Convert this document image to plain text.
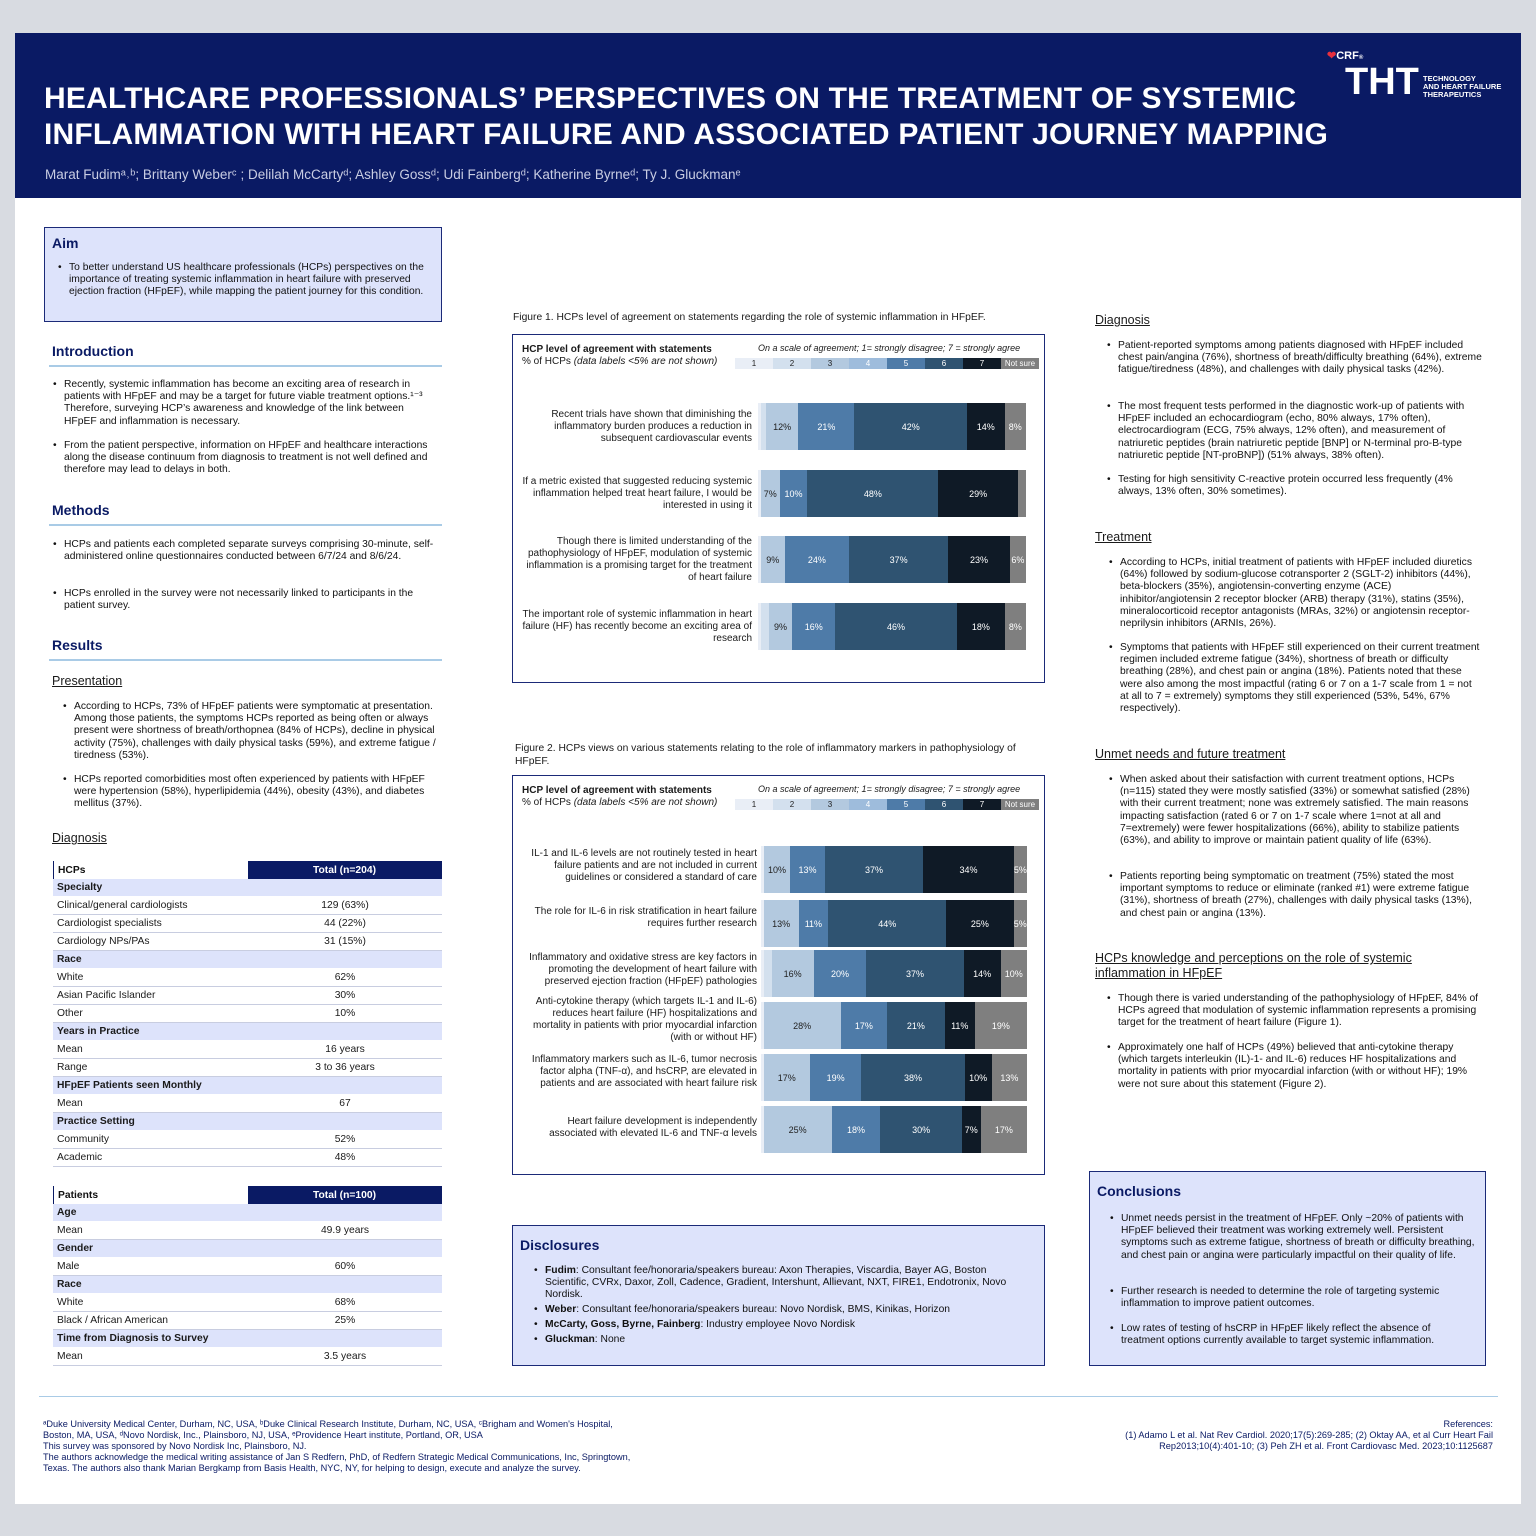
HEALTHCARE PROFESSIONALS’ PERSPECTIVES ON THE TREATMENT OF SYSTEMIC
INFLAMMATION WITH HEART FAILURE AND ASSOCIATED PATIENT JOURNEY MAPPING
Marat Fudimᵃ˒ᵇ; Brittany Weberᶜ ; Delilah McCartyᵈ; Ashley Gossᵈ; Udi Fainbergᵈ; Katherine Byrneᵈ; Ty J. Gluckmanᵉ
❤CRF®
THT TECHNOLOGY
AND HEART FAILURE
THERAPEUTICS
Aim
• To better understand US healthcare professionals (HCPs) perspectives on the importance of treating systemic inflammation in heart failure with preserved ejection fraction (HFpEF), while mapping the patient journey for this condition.
Introduction
• Recently, systemic inflammation has become an exciting area of research in patients with HFpEF and may be a target for future viable treatment options.¹⁻³ Therefore, surveying HCP’s awareness and knowledge of the link between HFpEF and inflammation is necessary.
• From the patient perspective, information on HFpEF and healthcare interactions along the disease continuum from diagnosis to treatment is not well defined and therefore may lead to delays in both.
Methods
• HCPs and patients each completed separate surveys comprising 30-minute, self-administered online questionnaires conducted between 6/7/24 and 8/6/24.
• HCPs enrolled in the survey were not necessarily linked to participants in the patient survey.
Results
Presentation
• According to HCPs, 73% of HFpEF patients were symptomatic at presentation. Among those patients, the symptoms HCPs reported as being often or always present were shortness of breath/orthopnea (84% of HCPs), decline in physical activity (75%), challenges with daily physical tasks (59%), and extreme fatigue / tiredness (53%).
• HCPs reported comorbidities most often experienced by patients with HFpEF were hypertension (58%), hyperlipidemia (44%), obesity (43%), and diabetes mellitus (37%).
Diagnosis
HCPs	Total (n=204)
Specialty
Clinical/general cardiologists	129 (63%)
Cardiologist specialists	44 (22%)
Cardiology NPs/PAs	31 (15%)
Race
White	62%
Asian Pacific Islander	30%
Other	10%
Years in Practice
Mean	16 years
Range	3 to 36 years
HFpEF Patients seen Monthly
Mean	67
Practice Setting
Community	52%
Academic	48%
Patients	Total (n=100)
Age
Mean	49.9 years
Gender
Male	60%
Race
White	68%
Black / African American	25%
Time from Diagnosis to Survey
Mean	3.5 years
Figure 1. HCPs level of agreement on statements regarding the role of systemic inflammation in HFpEF.
HCP level of agreement with statements
% of HCPs (data labels <5% are not shown)
On a scale of agreement; 1= strongly disagree; 7 = strongly agree
1	2	3	4	5	6	7	Not sure
Recent trials have shown that diminishing the inflammatory burden produces a reduction in subsequent cardiovascular events
12%	21%	42%	14%	8%
If a metric existed that suggested reducing systemic inflammation helped treat heart failure, I would be interested in using it
7% 10%	48%	29%
Though there is limited understanding of the pathophysiology of HFpEF, modulation of systemic inflammation is a promising target for the treatment of heart failure
9%	24%	37%	23%	6%
The important role of systemic inflammation in heart failure (HF) has recently become an exciting area of research
9%	16%	46%	18%	8%
Figure 2. HCPs views on various statements relating to the role of inflammatory markers in pathophysiology of HFpEF.
HCP level of agreement with statements
% of HCPs (data labels <5% are not shown)
On a scale of agreement; 1= strongly disagree; 7 = strongly agree
1	2	3	4	5	6	7	Not sure
IL-1 and IL-6 levels are not routinely tested in heart failure patients and are not included in current guidelines or considered a standard of care
10%	13%	37%	34%	5%
The role for IL-6 in risk stratification in heart failure requires further research	13%	11%	44%	25%	5%
Inflammatory and oxidative stress are key factors in promoting the development of heart failure with preserved ejection fraction (HFpEF) pathologies
16%	20%	37%	14%	10%
Anti-cytokine therapy (which targets IL-1 and IL-6) reduces heart failure (HF) hospitalizations and mortality in patients with prior myocardial infarction (with or without HF)
28%	17%	21%	11%	19%
Inflammatory markers such as IL-6, tumor necrosis factor alpha (TNF-α), and hsCRP, are elevated in patients and are associated with heart failure risk
17%	19%	38%	10%	13%
Heart failure development is independently associated with elevated IL-6 and TNF-α levels	25%	18%	30%	7%	17%
Disclosures
• Fudim: Consultant fee/honoraria/speakers bureau: Axon Therapies, Viscardia, Bayer AG, Boston Scientific, CVRx, Daxor, Zoll, Cadence, Gradient, Intershunt, Allievant, NXT, FIRE1, Endotronix, Novo Nordisk.
• Weber: Consultant fee/honoraria/speakers bureau: Novo Nordisk, BMS, Kinikas, Horizon
• McCarty, Goss, Byrne, Fainberg: Industry employee Novo Nordisk
• Gluckman: None
Diagnosis
• Patient-reported symptoms among patients diagnosed with HFpEF included chest pain/angina (76%), shortness of breath/difficulty breathing (64%), extreme fatigue/tiredness (48%), and challenges with daily physical tasks (42%).
• The most frequent tests performed in the diagnostic work-up of patients with HFpEF included an echocardiogram (echo, 80% always, 17% often), electrocardiogram (ECG, 75% always, 12% often), and measurement of natriuretic peptides (brain natriuretic peptide [BNP] or N-terminal pro-B-type natriuretic peptide [NT-proBNP]) (51% always, 38% often).
• Testing for high sensitivity C-reactive protein occurred less frequently (4% always, 13% often, 30% sometimes).
Treatment
• According to HCPs, initial treatment of patients with HFpEF included diuretics (64%) followed by sodium-glucose cotransporter 2 (SGLT-2) inhibitors (44%), beta-blockers (35%), angiotensin-converting enzyme (ACE) inhibitor/angiotensin 2 receptor blocker (ARB) therapy (31%), statins (35%), mineralocorticoid receptor antagonists (MRAs, 32%) or angiotensin receptor-neprilysin inhibitors (ARNIs, 26%).
• Symptoms that patients with HFpEF still experienced on their current treatment regimen included extreme fatigue (34%), shortness of breath or difficulty breathing (28%), and chest pain or angina (18%). Patients noted that these were also among the most impactful (rating 6 or 7 on a 1-7 scale from 1 = not at all to 7 = extremely) symptoms they still experienced (53%, 54%, 67% respectively).
Unmet needs and future treatment
• When asked about their satisfaction with current treatment options, HCPs (n=115) stated they were mostly satisfied (33%) or somewhat satisfied (28%) with their current treatment; none was extremely satisfied. The main reasons impacting satisfaction (rated 6 or 7 on 1-7 scale where 1=not at all and 7=extremely) were fewer hospitalizations (66%), ability to stabilize patients (63%), and ability to improve or maintain patient quality of life (63%).
• Patients reporting being symptomatic on treatment (75%) stated the most important symptoms to reduce or eliminate (ranked #1) were extreme fatigue (31%), shortness of breath (27%), challenges with daily physical tasks (13%), and chest pain or angina (13%).
HCPs knowledge and perceptions on the role of systemic
inflammation in HFpEF
• Though there is varied understanding of the pathophysiology of HFpEF, 84% of HCPs agreed that modulation of systemic inflammation represents a promising target for the treatment of heart failure (Figure 1).
• Approximately one half of HCPs (49%) believed that anti-cytokine therapy (which targets interleukin (IL)-1- and IL-6) reduces HF hospitalizations and mortality in patients with prior myocardial infarction (with or without HF); 19% were not sure about this statement (Figure 2).
Conclusions
• Unmet needs persist in the treatment of HFpEF. Only ~20% of patients with HFpEF believed their treatment was working extremely well. Persistent symptoms such as extreme fatigue, shortness of breath or difficulty breathing, and chest pain or angina were particularly impactful on their quality of life.
• Further research is needed to determine the role of targeting systemic inflammation to improve patient outcomes.
• Low rates of testing of hsCRP in HFpEF likely reflect the absence of treatment options currently available to target systemic inflammation.
ᵃDuke University Medical Center, Durham, NC, USA, ᵇDuke Clinical Research Institute, Durham, NC, USA, ᶜBrigham and Women's Hospital,
Boston, MA, USA, ᵈNovo Nordisk, Inc., Plainsboro, NJ, USA, ᵉProvidence Heart institute, Portland, OR, USA
This survey was sponsored by Novo Nordisk Inc, Plainsboro, NJ.
The authors acknowledge the medical writing assistance of Jan S Redfern, PhD, of Redfern Strategic Medical Communications, Inc, Springtown,
Texas. The authors also thank Marian Bergkamp from Basis Health, NYC, NY, for helping to design, execute and analyze the survey.
References:
(1) Adamo L et al. Nat Rev Cardiol. 2020;17(5):269-285; (2) Oktay AA, et al Curr Heart Fail
Rep2013;10(4):401-10; (3) Peh ZH et al. Front Cardiovasc Med. 2023;10:1125687
